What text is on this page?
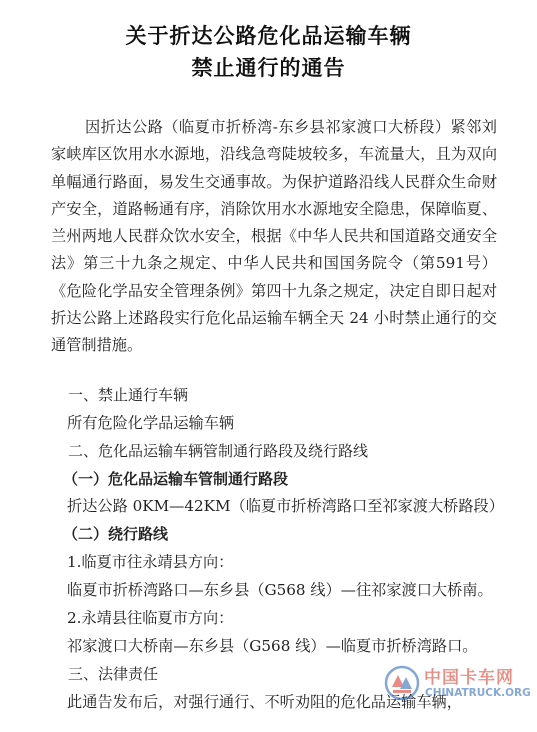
关于折达公路危化品运输车辆
禁止通行的通告
因折达公路（临夏市折桥湾-东乡县祁家渡口大桥段）紧邻刘家峡库区饮用水水源地，沿线急弯陡坡较多，车流量大，且为双向单幅通行路面，易发生交通事故。为保护道路沿线人民群众生命财产安全，道路畅通有序，消除饮用水水源地安全隐患，保障临夏、兰州两地人民群众饮水安全，根据《中华人民共和国道路交通安全法》第三十九条之规定、中华人民共和国国务院令（第591号）《危险化学品安全管理条例》第四十九条之规定，决定自即日起对折达公路上述路段实行危化品运输车辆全天 24 小时禁止通行的交通管制措施。
一、禁止通行车辆
所有危险化学品运输车辆
二、危化品运输车辆管制通行路段及绕行路线
（一）危化品运输车管制通行路段
折达公路 0KM—42KM（临夏市折桥湾路口至祁家渡大桥路段）
（二）绕行路线
1.临夏市往永靖县方向：
临夏市折桥湾路口—东乡县（G568 线）—往祁家渡口大桥南。
2.永靖县往临夏市方向：
祁家渡口大桥南—东乡县（G568 线）—临夏市折桥湾路口。
三、法律责任
此通告发布后，对强行通行、不听劝阻的危化品运输车辆，
中国卡车网
CHINATRUCK.ORG
